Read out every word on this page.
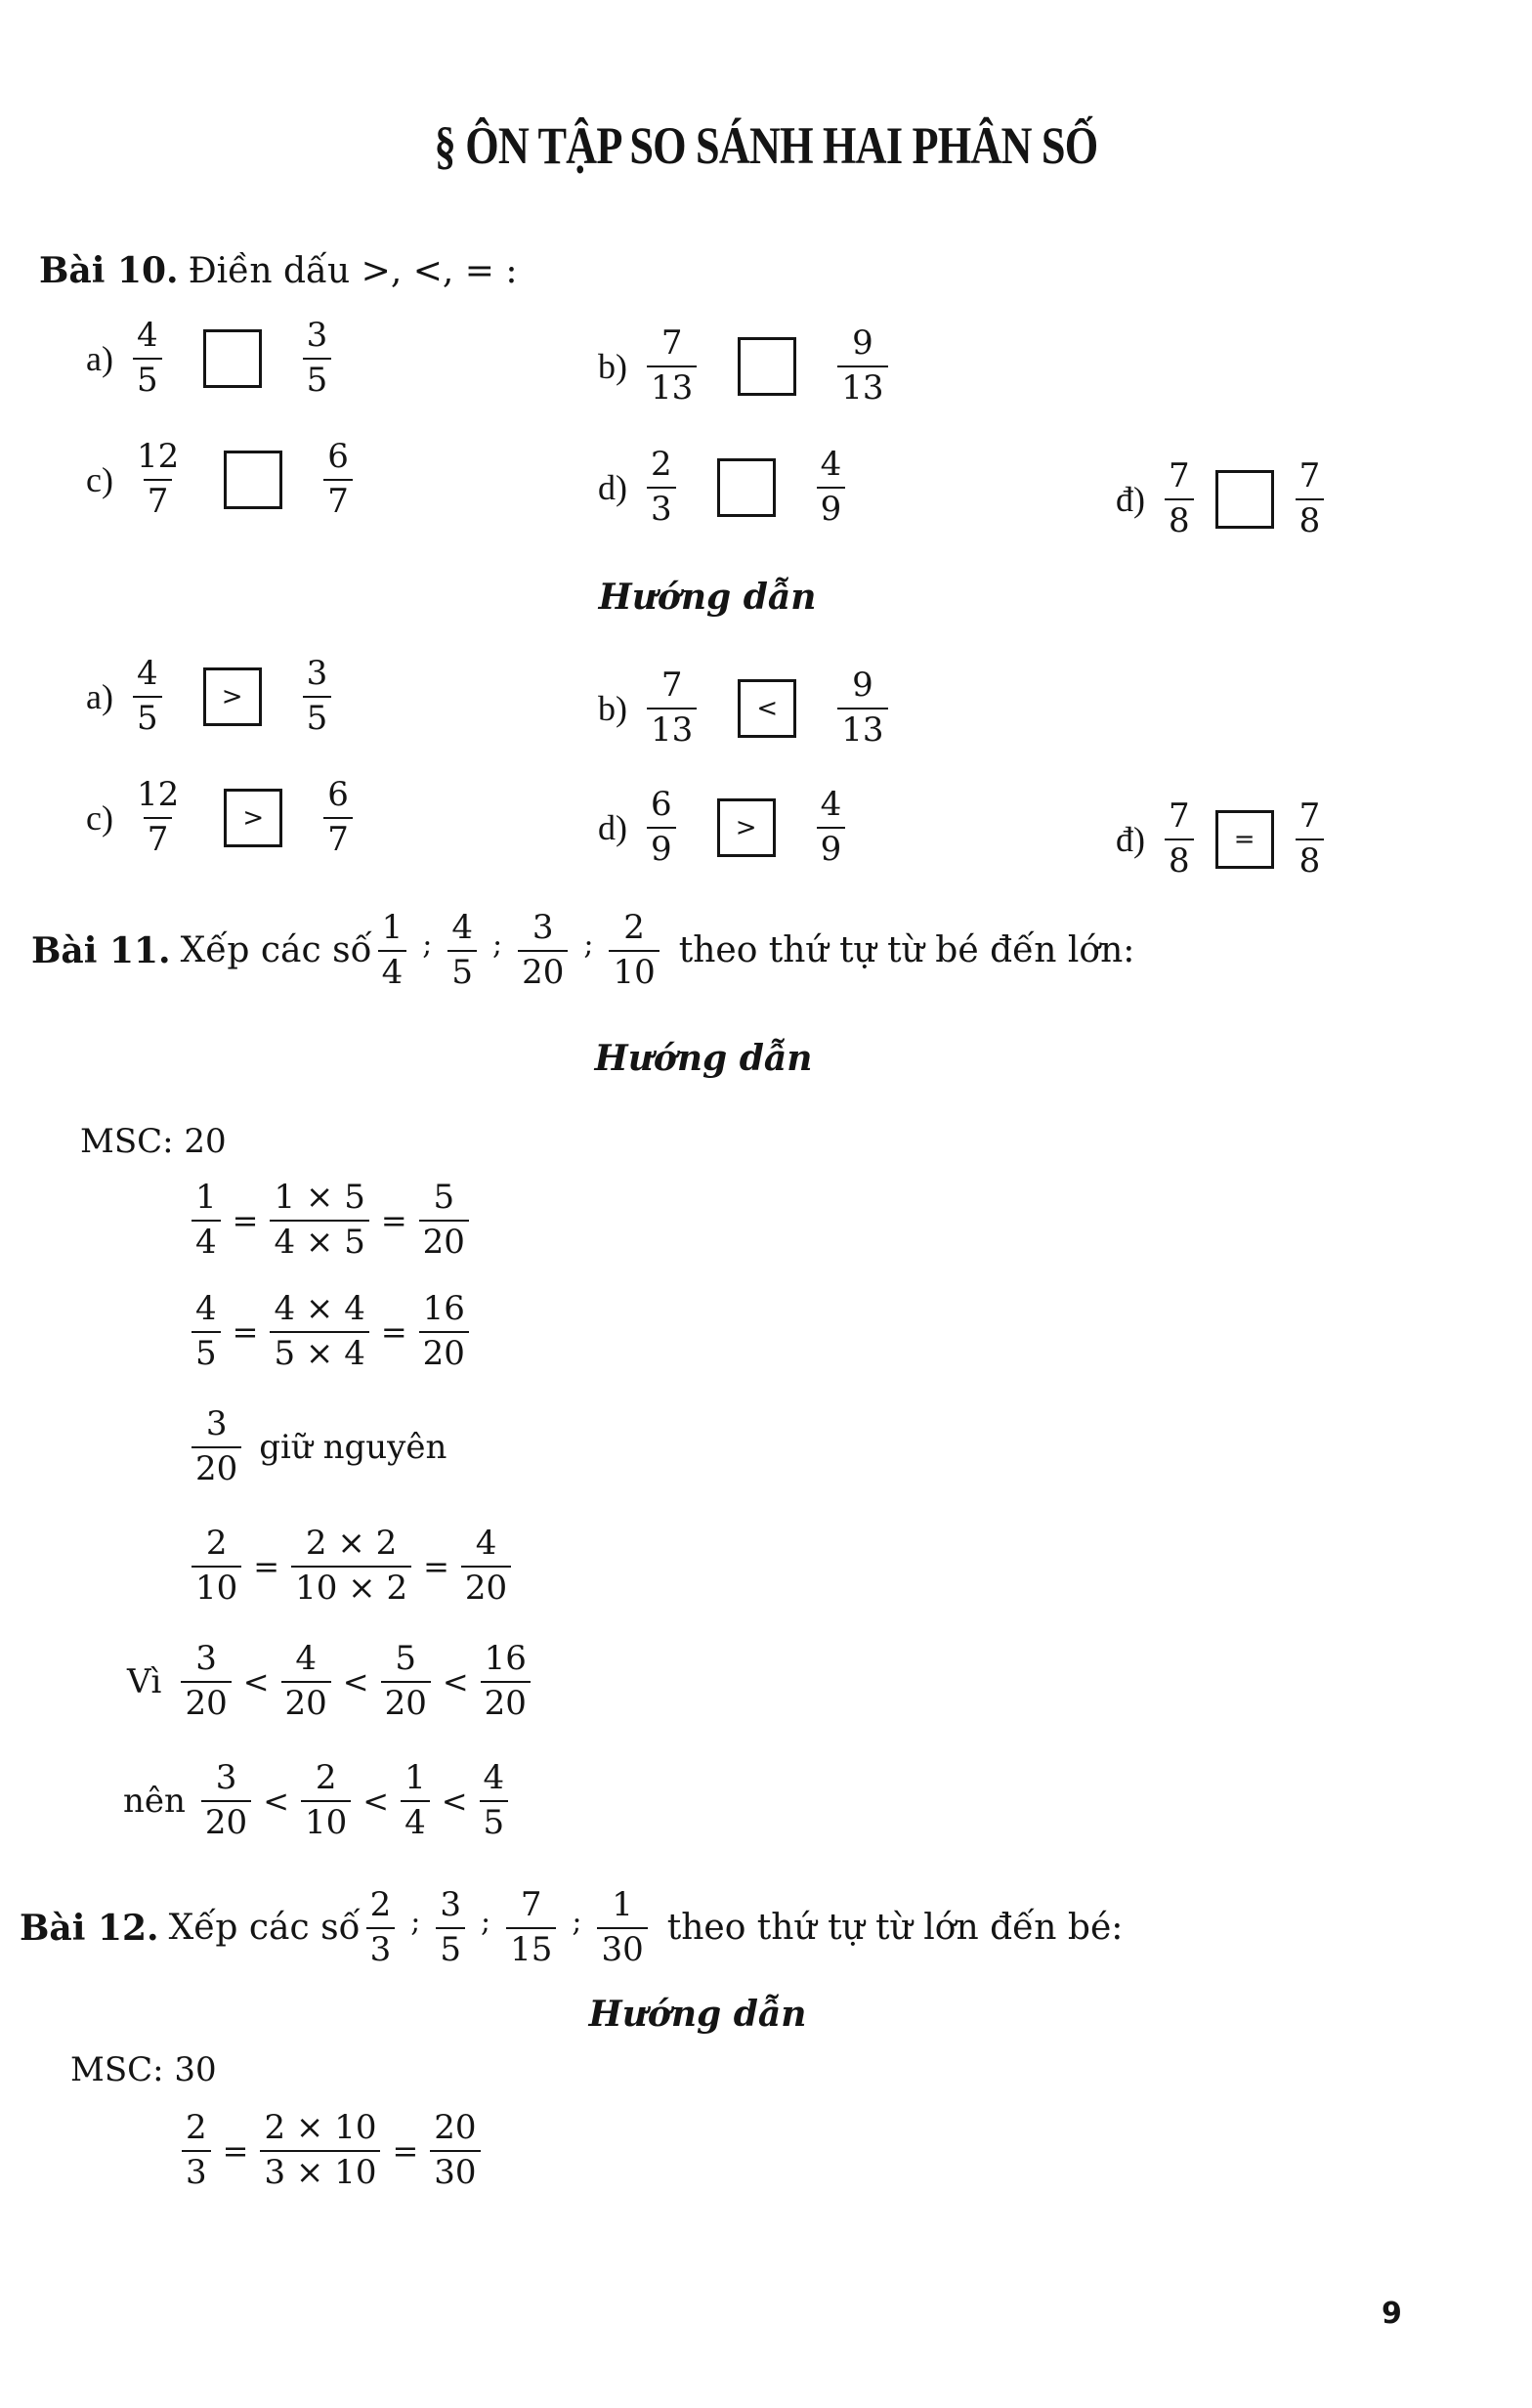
§ ÔN TẬP SO SÁNH HAI PHÂN SỐ
Bài 10. Điền dấu >, <, = :
$a) \frac{4}{5}$	$\frac{3}{5}$	$b) \frac{7}{13}$	$\frac{9}{13}$
$c) \frac{12}{7}$	$\frac{6}{7}$	$d) \frac{2}{3}$	$\frac{4}{9}$	đ) $\frac{7}{8}$	$\frac{7}{8}$
Hướng dẫn
$a) \frac{4}{5}$	>	$\frac{3}{5}$	$b) \frac{7}{13}$	<	$\frac{9}{13}$
$c) \frac{12}{7}$	>	$\frac{6}{7}$	$d) \frac{6}{9}$	>	$\frac{4}{9}$	đ) $\frac{7}{8}$	=	$\frac{7}{8}$
Bài 11. Xếp các số $\frac{1}{4}$ ; $\frac{4}{5}$ ; $\frac{3}{20}$ ; $\frac{2}{10}$ theo thứ tự từ bé đến lớn:
Hướng dẫn
MSC: 20
$\frac{1}{4} = \frac{1 \times 5}{4 \times 5} = \frac{5}{20}$
$\frac{4}{5} = \frac{4 \times 4}{5 \times 4} = \frac{16}{20}$
$\frac{3}{20}$ giữ nguyên
$\frac{2}{10} = \frac{2 \times 2}{10 \times 2} = \frac{4}{20}$
Vì $\frac{3}{20} < \frac{4}{20} < \frac{5}{20} < \frac{16}{20}$
nên $\frac{3}{20} < \frac{2}{10} < \frac{1}{4} < \frac{4}{5}$
Bài 12. Xếp các số $\frac{2}{3}$ ; $\frac{3}{5}$ ; $\frac{7}{15}$ ; $\frac{1}{30}$ theo thứ tự từ lớn đến bé:
Hướng dẫn
MSC: 30
$\frac{2}{3} = \frac{2 \times 10}{3 \times 10} = \frac{20}{30}$
9
